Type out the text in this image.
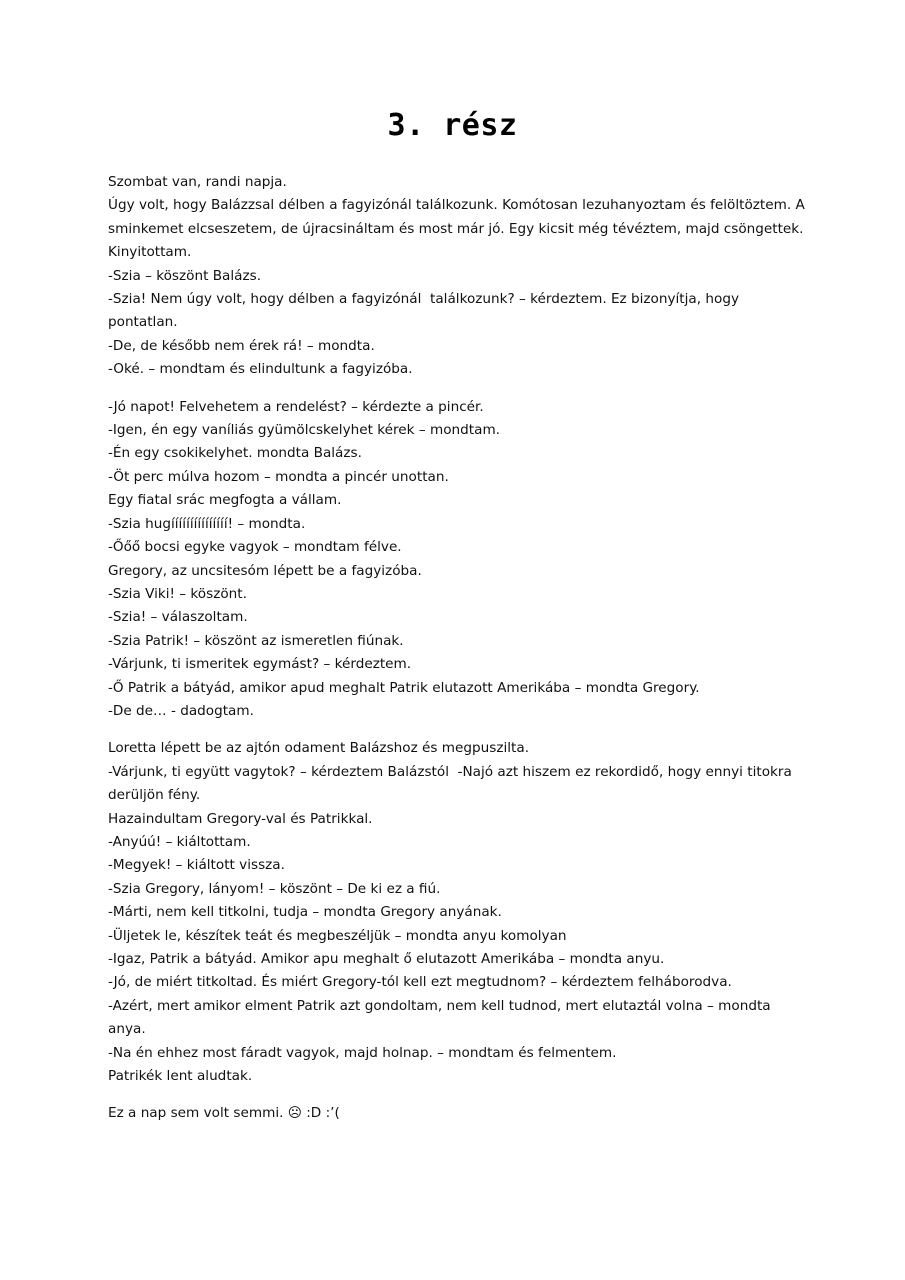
3. rész
Szombat van, randi napja.
Úgy volt, hogy Balázzsal délben a fagyizónál találkozunk. Komótosan lezuhanyoztam és felöltöztem. A sminkemet elcseszetem, de újracsináltam és most már jó. Egy kicsit még tévéztem, majd csöngettek. Kinyitottam.
-Szia – köszönt Balázs.
-Szia! Nem úgy volt, hogy délben a fagyizónál  találkozunk? – kérdeztem. Ez bizonyítja, hogy pontatlan.
-De, de később nem érek rá! – mondta.
-Oké. – mondtam és elindultunk a fagyizóba.
-Jó napot! Felvehetem a rendelést? – kérdezte a pincér.
-Igen, én egy vaníliás gyümölcskelyhet kérek – mondtam.
-Én egy csokikelyhet. mondta Balázs.
-Öt perc múlva hozom – mondta a pincér unottan.
Egy fiatal srác megfogta a vállam.
-Szia hugííííííííííííííí! – mondta.
-Őőő bocsi egyke vagyok – mondtam félve.
Gregory, az uncsitesóm lépett be a fagyizóba.
-Szia Viki! – köszönt.
-Szia! – válaszoltam.
-Szia Patrik! – köszönt az ismeretlen fiúnak.
-Várjunk, ti ismeritek egymást? – kérdeztem.
-Ő Patrik a bátyád, amikor apud meghalt Patrik elutazott Amerikába – mondta Gregory.
-De de… - dadogtam.
Loretta lépett be az ajtón odament Balázshoz és megpuszilta.
-Várjunk, ti együtt vagytok? – kérdeztem Balázstól  -Najó azt hiszem ez rekordidő, hogy ennyi titokra derüljön fény.
Hazaindultam Gregory-val és Patrikkal.
-Anyúú! – kiáltottam.
-Megyek! – kiáltott vissza.
-Szia Gregory, lányom! – köszönt – De ki ez a fiú.
-Márti, nem kell titkolni, tudja – mondta Gregory anyának.
-Üljetek le, készítek teát és megbeszéljük – mondta anyu komolyan
-Igaz, Patrik a bátyád. Amikor apu meghalt ő elutazott Amerikába – mondta anyu.
-Jó, de miért titkoltad. És miért Gregory-tól kell ezt megtudnom? – kérdeztem felháborodva.
-Azért, mert amikor elment Patrik azt gondoltam, nem kell tudnod, mert elutaztál volna – mondta anya.
-Na én ehhez most fáradt vagyok, majd holnap. – mondtam és felmentem.
Patrikék lent aludtak.
Ez a nap sem volt semmi. ☹ :D :’(
